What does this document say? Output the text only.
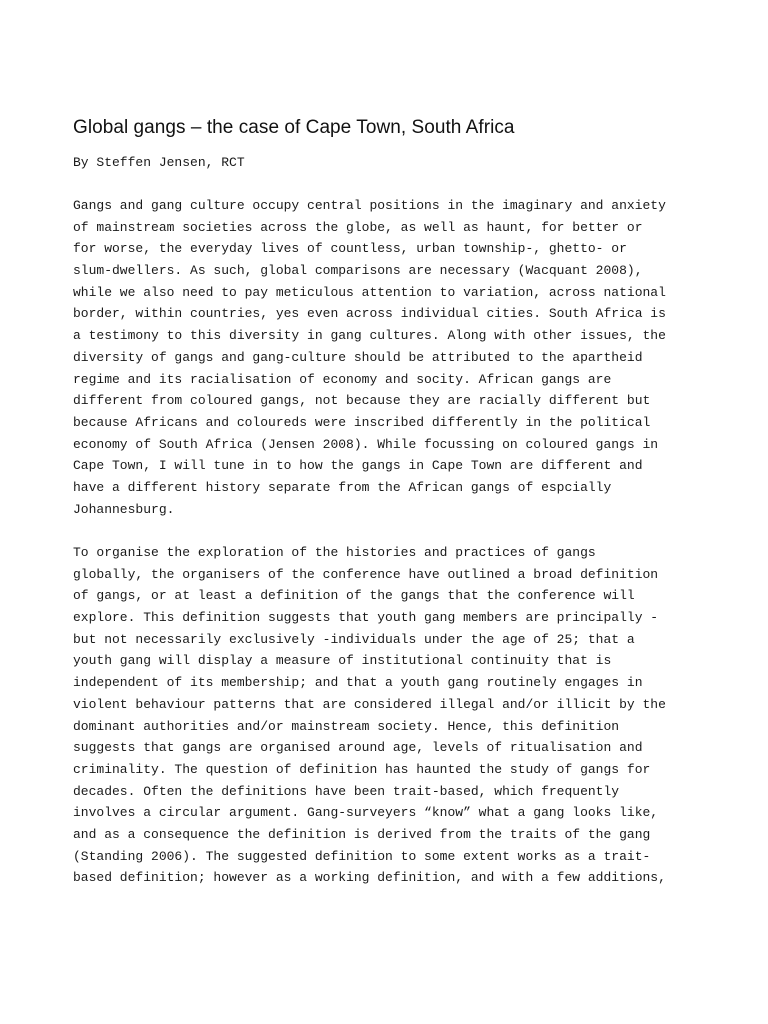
Global gangs – the case of Cape Town, South Africa

By Steffen Jensen, RCT

Gangs and gang culture occupy central positions in the imaginary and anxiety
of mainstream societies across the globe, as well as haunt, for better or
for worse, the everyday lives of countless, urban township-, ghetto- or
slum-dwellers. As such, global comparisons are necessary (Wacquant 2008),
while we also need to pay meticulous attention to variation, across national
border, within countries, yes even across individual cities. South Africa is
a testimony to this diversity in gang cultures. Along with other issues, the
diversity of gangs and gang-culture should be attributed to the apartheid
regime and its racialisation of economy and socity. African gangs are
different from coloured gangs, not because they are racially different but
because Africans and coloureds were inscribed differently in the political
economy of South Africa (Jensen 2008). While focussing on coloured gangs in
Cape Town, I will tune in to how the gangs in Cape Town are different and
have a different history separate from the African gangs of espcially
Johannesburg.
To organise the exploration of the histories and practices of gangs
globally, the organisers of the conference have outlined a broad definition
of gangs, or at least a definition of the gangs that the conference will
explore. This definition suggests that youth gang members are principally -
but not necessarily exclusively -individuals under the age of 25; that a
youth gang will display a measure of institutional continuity that is
independent of its membership; and that a youth gang routinely engages in
violent behaviour patterns that are considered illegal and/or illicit by the
dominant authorities and/or mainstream society. Hence, this definition
suggests that gangs are organised around age, levels of ritualisation and
criminality. The question of definition has haunted the study of gangs for
decades. Often the definitions have been trait-based, which frequently
involves a circular argument. Gang-surveyers “know” what a gang looks like,
and as a consequence the definition is derived from the traits of the gang
(Standing 2006). The suggested definition to some extent works as a trait-
based definition; however as a working definition, and with a few additions,
